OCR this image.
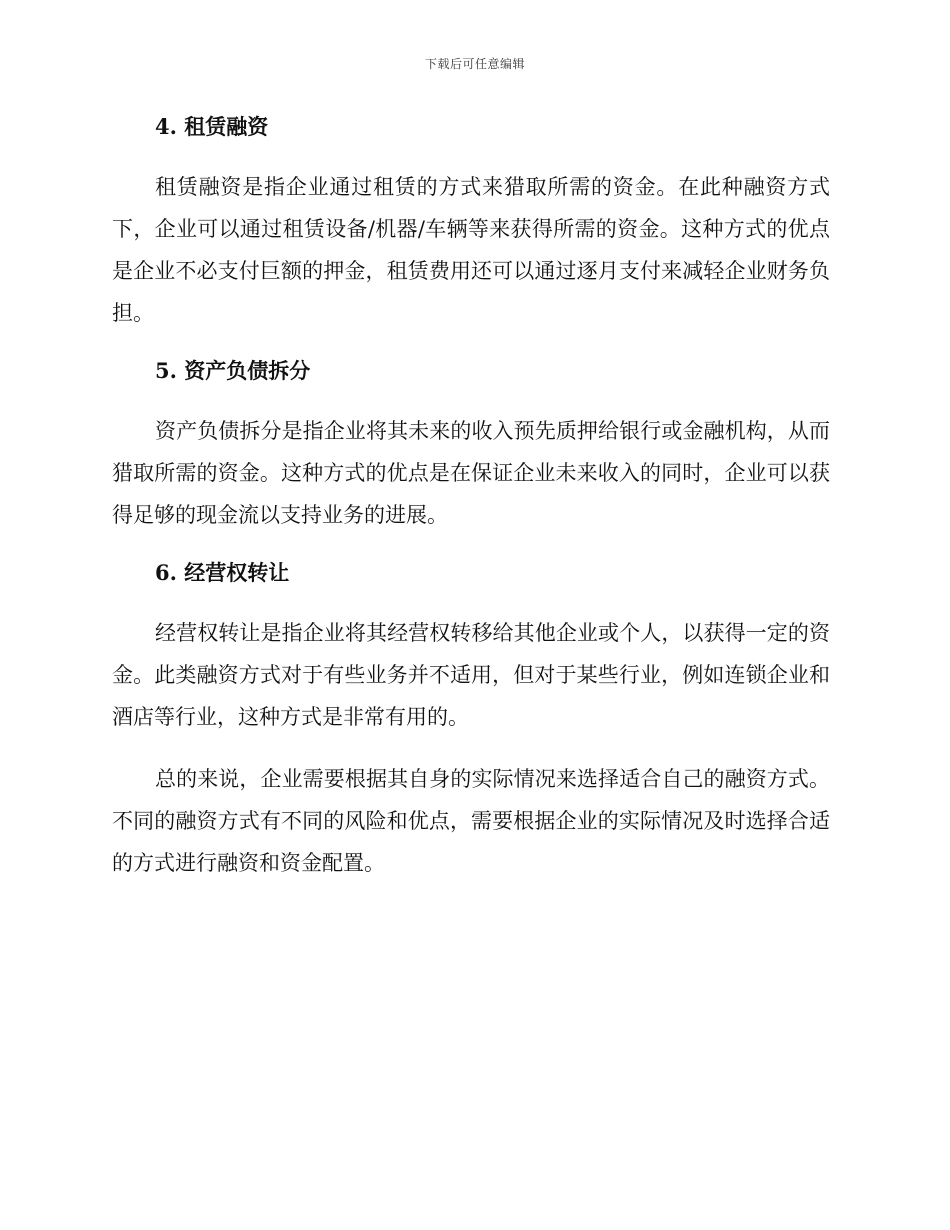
下载后可任意编辑
4. 租赁融资

租赁融资是指企业通过租赁的方式来猎取所需的资金。在此种融资方式下，企业可以通过租赁设备/机器/车辆等来获得所需的资金。这种方式的优点是企业不必支付巨额的押金，租赁费用还可以通过逐月支付来减轻企业财务负担。

5. 资产负债拆分

资产负债拆分是指企业将其未来的收入预先质押给银行或金融机构，从而猎取所需的资金。这种方式的优点是在保证企业未来收入的同时，企业可以获得足够的现金流以支持业务的进展。

6. 经营权转让

经营权转让是指企业将其经营权转移给其他企业或个人，以获得一定的资金。此类融资方式对于有些业务并不适用，但对于某些行业，例如连锁企业和酒店等行业，这种方式是非常有用的。

总的来说，企业需要根据其自身的实际情况来选择适合自己的融资方式。不同的融资方式有不同的风险和优点，需要根据企业的实际情况及时选择合适的方式进行融资和资金配置。
